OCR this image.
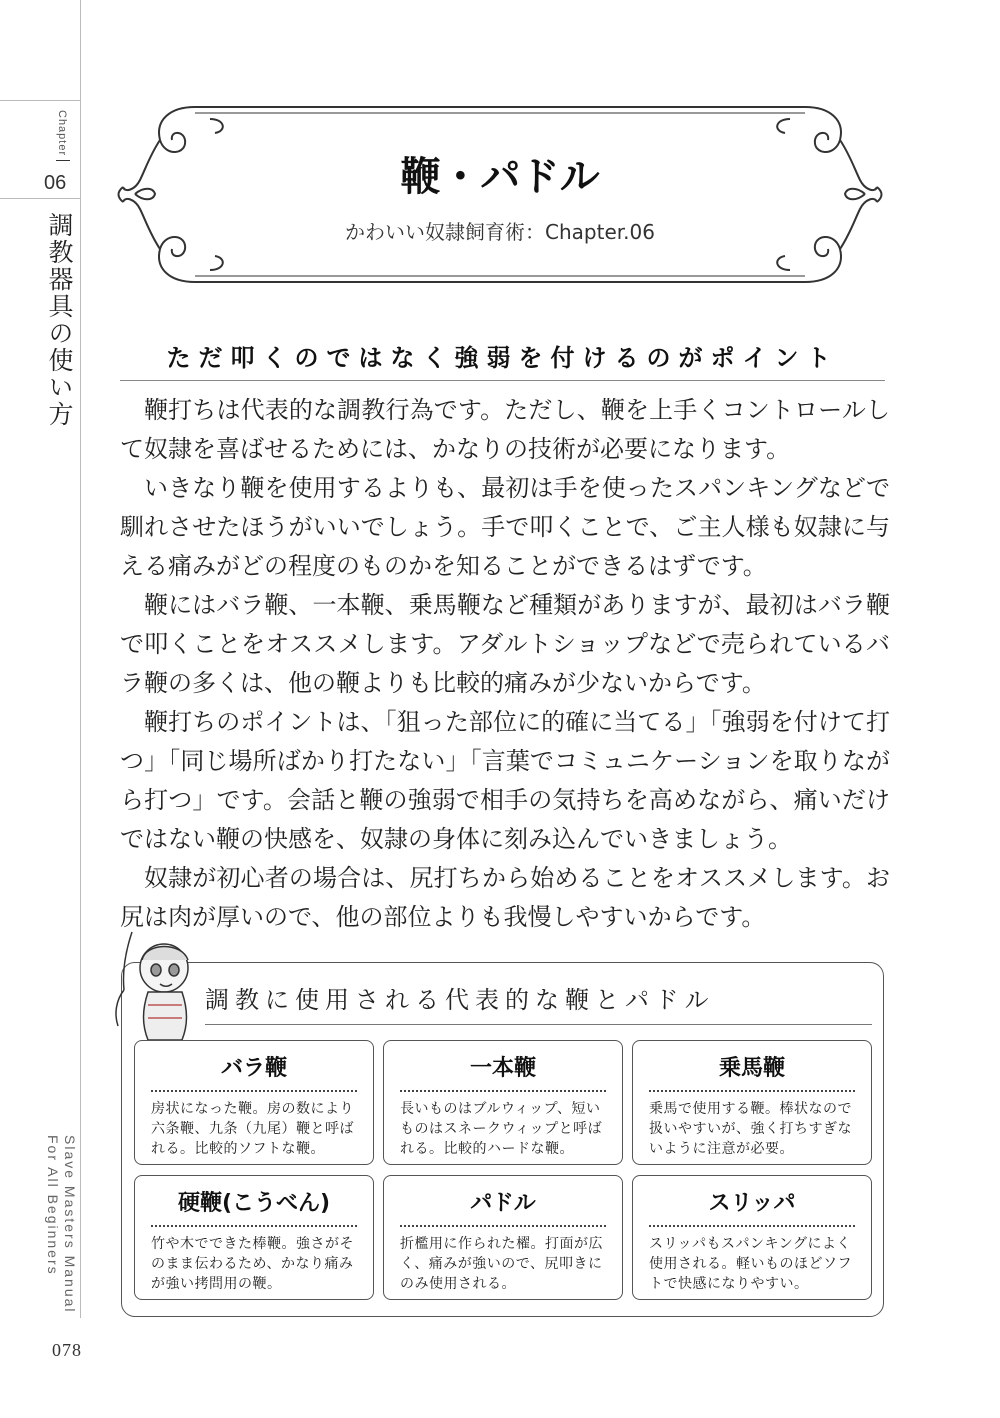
Chapter
06
調教器具の使い方
Slave Masters Manual For All Beginners
078
鞭・パドル
かわいい奴隷飼育術：Chapter.06
ただ叩くのではなく強弱を付けるのがポイント

鞭打ちは代表的な調教行為です。ただし、鞭を上手くコントロールして奴隷を喜ばせるためには、かなりの技術が必要になります。

いきなり鞭を使用するよりも、最初は手を使ったスパンキングなどで馴れさせたほうがいいでしょう。手で叩くことで、ご主人様も奴隷に与える痛みがどの程度のものかを知ることができるはずです。

鞭にはバラ鞭、一本鞭、乗馬鞭など種類がありますが、最初はバラ鞭で叩くことをオススメします。アダルトショップなどで売られているバラ鞭の多くは、他の鞭よりも比較的痛みが少ないからです。

鞭打ちのポイントは、「狙った部位に的確に当てる」「強弱を付けて打つ」「同じ場所ばかり打たない」「言葉でコミュニケーションを取りながら打つ」です。会話と鞭の強弱で相手の気持ちを高めながら、痛いだけではない鞭の快感を、奴隷の身体に刻み込んでいきましょう。

奴隷が初心者の場合は、尻打ちから始めることをオススメします。お尻は肉が厚いので、他の部位よりも我慢しやすいからです。

調教に使用される代表的な鞭とパドル
バラ鞭
房状になった鞭。房の数により六条鞭、九条（九尾）鞭と呼ばれる。比較的ソフトな鞭。
一本鞭
長いものはブルウィップ、短いものはスネークウィップと呼ばれる。比較的ハードな鞭。
乗馬鞭
乗馬で使用する鞭。棒状なので扱いやすいが、強く打ちすぎないように注意が必要。
硬鞭(こうべん)
竹や木でできた棒鞭。強さがそのまま伝わるため、かなり痛みが強い拷問用の鞭。
パドル
折檻用に作られた櫂。打面が広く、痛みが強いので、尻叩きにのみ使用される。
スリッパ
スリッパもスパンキングによく使用される。軽いものほどソフトで快感になりやすい。
